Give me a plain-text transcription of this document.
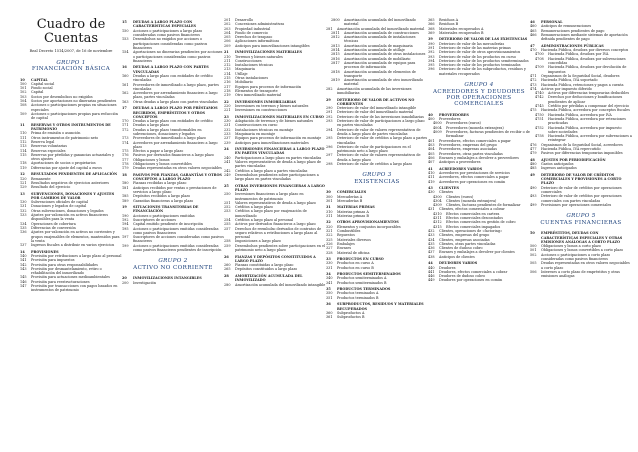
Cuadro de Cuentas

Real Decreto 1514/2007, de 16 de noviembre

GRUPO 1
FINANCIACIÓN BÁSICA
10	CAPITAL
100	Capital social
101	Fondo social
102	Capital
103	Socios por desembolsos no exigidos
104	Socios por aportaciones no dinerarias pendientes
108	Acciones o participaciones propias en situaciones especiales
109	Acciones o participaciones propias para reducción de capital
11	RESERVAS Y OTROS INSTRUMENTOS DE PATRIMONIO
110	Prima de emisión o asunción
111	Otros instrumentos de patrimonio neto
112	Reserva legal
113	Reservas voluntarias
114	Reservas especiales
115	Reservas por pérdidas y ganancias actuariales y otros ajustes
118	Aportaciones de socios o propietarios
119	Diferencias por ajuste del capital a euros
12	RESULTADOS PENDIENTES DE APLICACIÓN
120	Remanente
121	Resultados negativos de ejercicios anteriores
129	Resultado del ejercicio
13	SUBVENCIONES, DONACIONES Y AJUSTES POR CAMBIOS DE VALOR
130	Subvenciones oficiales de capital
131	Donaciones y legados de capital
132	Otras subvenciones, donaciones y legados
133	Ajustes por valoración en activos financieros disponibles para la venta
134	Operaciones de cobertura
135	Diferencias de conversión
136	Ajustes por valoración en activos no corrientes y grupos enajenables de elementos, mantenidos para la venta
137	Ingresos fiscales a distribuir en varios ejercicios
14	PROVISIONES
140	Provisión por retribuciones a largo plazo al personal
141	Provisión para impuestos
142	Provisión para otras responsabilidades
143	Provisión por desmantelamiento, retiro o rehabilitación del inmovilizado
145	Provisión para actuaciones medioambientales
146	Provisión para reestructuraciones
147	Provisión por transacciones con pagos basados en instrumentos de patrimonio
15	DEUDAS A LARGO PLAZO CON CARACTERÍSTICAS ESPECIALES
150	Acciones o participaciones a largo plazo consideradas como pasivos financieros
153	Desembolsos no exigidos por acciones o participaciones consideradas como pasivos financieros
154	Aportaciones no dinerarias pendientes por acciones o participaciones consideradas como pasivos financieros
16	DEUDAS A LARGO PLAZO CON PARTES VINCULADAS
160	Deudas a largo plazo con entidades de crédito vinculadas
161	Proveedores de inmovilizado a largo plazo, partes vinculadas
162	Acreedores por arrendamiento financiero a largo plazo, partes vinculadas
163	Otras deudas a largo plazo con partes vinculadas
17	DEUDAS A LARGO PLAZO POR PRÉSTAMOS RECIBIDOS, EMPRÉSTITOS Y OTROS CONCEPTOS
170	Deudas a largo plazo con entidades de crédito
171	Deudas a largo plazo
172	Deudas a largo plazo transformables en subvenciones, donaciones y legados
173	Proveedores de inmovilizado a largo plazo
174	Acreedores por arrendamiento financiero a largo plazo
175	Efectos a pagar a largo plazo
176	Pasivos por derivados financieros a largo plazo
177	Obligaciones y bonos
178	Obligaciones y bonos convertibles
179	Deudas representadas en otros valores negociables
18	PASIVOS POR FIANZAS, GARANTÍAS Y OTROS CONCEPTOS A LARGO PLAZO
180	Fianzas recibidas a largo plazo
181	Anticipos recibidos por ventas o prestaciones de servicios a largo plazo
185	Depósitos recibidos a largo plazo
189	Garantías financieras a largo plazo
19	SITUACIONES TRANSITORIAS DE FINANCIACIÓN
190	Acciones o participaciones emitidas
192	Suscriptores de acciones
194	Capital emitido pendiente de inscripción
195	Acciones o participaciones emitidas consideradas como pasivos financieros
197	Suscriptores de acciones consideradas como pasivos financieros
199	Acciones o participaciones emitidas consideradas como pasivos financieros pendientes de inscripción
GRUPO 2
ACTIVO NO CORRIENTE
20	INMOVILIZACIONES INTANGIBLES
200	Investigación
201	Desarrollo
202	Concesiones administrativas
203	Propiedad industrial
204	Fondo de comercio
205	Derechos de traspaso
206	Aplicaciones informáticas
209	Anticipos para inmovilizaciones intangibles
21	INMOVILIZACIONES MATERIALES
210	Terrenos y bienes naturales
211	Construcciones
212	Instalaciones técnicas
213	Maquinaria
214	Utillaje
215	Otras instalaciones
216	Mobiliario
217	Equipos para procesos de información
218	Elementos de transporte
219	Otro inmovilizado material
22	INVERSIONES INMOBILIARIAS
220	Inversiones en terrenos y bienes naturales
221	Inversiones en construcciones
23	INMOVILIZACIONES MATERIALES EN CURSO
230	Adaptación de terrenos y de bienes naturales
231	Construcciones en curso
232	Instalaciones técnicas en montaje
233	Maquinaria en montaje
237	Equipos para procesos de información en montaje
239	Anticipos para inmovilizaciones materiales
24	INVERSIONES FINANCIERAS A LARGO PLAZO EN PARTES VINCULADAS
240	Participaciones a largo plazo en partes vinculadas
241	Valores representativos de deuda a largo plazo de partes vinculadas
242	Créditos a largo plazo a partes vinculadas
249	Desembolsos pendientes sobre participaciones a largo plazo en partes vinculadas
25	OTRAS INVERSIONES FINANCIERAS A LARGO PLAZO
250	Inversiones financieras a largo plazo en instrumentos de patrimonio
251	Valores representativos de deuda a largo plazo
252	Créditos a largo plazo
253	Créditos a largo plazo por enajenación de inmovilizado
254	Créditos a largo plazo al personal
255	Activos por derivados financieros a largo plazo
257	Derechos de reembolso derivados de contratos de seguro relativos a retribuciones a largo plazo al personal
258	Imposiciones a largo plazo
259	Desembolsos pendientes sobre participaciones en el patrimonio neto a largo plazo
26	FIANZAS Y DEPÓSITOS CONSTITUIDOS A LARGO PLAZO
260	Fianzas constituidas a largo plazo
265	Depósitos constituidos a largo plazo
28	AMORTIZACIÓN ACUMULADA DEL INMOVILIZADO
280	Amortización acumulada del inmovilizado intangible
2800	Amortización acumulada del inmovilizado material
281	Amortización acumulada del inmovilizado material
2811	Amortización acumulada de construcciones
2812	Amortización acumulada de instalaciones técnicas
2813	Amortización acumulada de maquinaria
2814	Amortización acumulada de utillaje
2815	Amortización acumulada de otras instalaciones
2816	Amortización acumulada de mobiliario
2817	Amortización acumulada de equipos para procesos de información
2818	Amortización acumulada de elementos de transporte
2819	Amortización acumulada de otro inmovilizado material
282	Amortización acumulada de las inversiones inmobiliarias
29	DETERIORO DE VALOR DE ACTIVOS NO CORRIENTES
290	Deterioro de valor del inmovilizado intangible
291	Deterioro de valor del inmovilizado material
292	Deterioro de valor de las inversiones inmobiliarias
293	Deterioro de valor de participaciones a largo plazo en partes vinculadas
294	Deterioro de valor de valores representativos de deuda a largo plazo de partes vinculadas
295	Deterioro de valor de créditos a largo plazo a partes vinculadas
296	Deterioro de valor de participaciones en el patrimonio neto a largo plazo
297	Deterioro de valor de valores representativos de deuda a largo plazo
298	Deterioro de valor de créditos a largo plazo
GRUPO 3
EXISTENCIAS
30	COMERCIALES
300	Mercaderías A
301	Mercaderías B
31	MATERIAS PRIMAS
310	Materias primas A
311	Materias primas B
32	OTROS APROVISIONAMIENTOS
320	Elementos y conjuntos incorporables
321	Combustibles
322	Repuestos
325	Materiales diversos
326	Embalajes
327	Envases
328	Material de oficina
33	PRODUCTOS EN CURSO
330	Productos en curso A
331	Productos en curso B
34	PRODUCTOS SEMITERMINADOS
340	Productos semiterminados A
341	Productos semiterminados B
35	PRODUCTOS TERMINADOS
350	Productos terminados A
351	Productos terminados B
36	SUBPRODUCTOS, RESIDUOS Y MATERIALES RECUPERADOS
360	Subproductos A
361	Subproductos B
365	Residuos A
366	Residuos B
368	Materiales recuperados A
369	Materiales recuperados B
39	DETERIORO DE VALOR DE LAS EXISTENCIAS
390	Deterioro de valor de las mercaderías
391	Deterioro de valor de las materias primas
392	Deterioro de valor de otros aprovisionamientos
393	Deterioro de valor de los productos en curso
394	Deterioro de valor de los productos semiterminados
395	Deterioro de valor de los productos terminados
396	Deterioro de valor de los subproductos, residuos y materiales recuperados
GRUPO 4
ACREEDORES Y DEUDORES POR OPERACIONES COMERCIALES
40	PROVEEDORES
400	Proveedores
4000	Proveedores (euros)
4004	Proveedores (moneda extranjera)
4009	Proveedores, facturas pendientes de recibir o de formalizar
401	Proveedores, efectos comerciales a pagar
403	Proveedores, empresas del grupo
404	Proveedores, empresas asociadas
405	Proveedores, otras partes vinculadas
406	Envases y embalajes a devolver a proveedores
407	Anticipos a proveedores
41	ACREEDORES VARIOS
410	Acreedores por prestaciones de servicios
411	Acreedores, efectos comerciales a pagar
419	Acreedores por operaciones en común
43	CLIENTES
430	Clientes
4300	Clientes (euros)
4304	Clientes (moneda extranjera)
4309	Clientes, facturas pendientes de formalizar
431	Clientes, efectos comerciales a cobrar
4310	Efectos comerciales en cartera
4311	Efectos comerciales descontados
4312	Efectos comerciales en gestión de cobro
4315	Efectos comerciales impagados
432	Clientes, operaciones de «factoring»
433	Clientes, empresas del grupo
434	Clientes, empresas asociadas
435	Clientes, otras partes vinculadas
436	Clientes de dudoso cobro
437	Envases y embalajes a devolver por clientes
438	Anticipos de clientes
44	DEUDORES VARIOS
440	Deudores
441	Deudores, efectos comerciales a cobrar
446	Deudores de dudoso cobro
449	Deudores por operaciones en común
46	PERSONAL
460	Anticipos de remuneraciones
465	Remuneraciones pendientes de pago
466	Remuneraciones mediante sistemas de aportación definida pendientes de pago
47	ADMINISTRACIONES PÚBLICAS
470	Hacienda Pública, deudora por diversos conceptos
4700	Hacienda Pública, deudora por IVA
4708	Hacienda Pública, deudora por subvenciones concedidas
4709	Hacienda Pública, deudora por devolución de impuestos
471	Organismos de la Seguridad Social, deudores
472	Hacienda Pública, IVA soportado
473	Hacienda Pública, retenciones y pagos a cuenta
474	Activos por impuesto diferido
4740	Activos por diferencias temporarias deducibles
4742	Derechos por deducciones y bonificaciones pendientes de aplicar
4745	Crédito por pérdidas a compensar del ejercicio
475	Hacienda Pública, acreedora por conceptos fiscales
4750	Hacienda Pública, acreedora por IVA
4751	Hacienda Pública, acreedora por retenciones practicadas
4752	Hacienda Pública, acreedora por impuesto sobre sociedades
4758	Hacienda Pública, acreedora por subvenciones a reintegrar
476	Organismos de la Seguridad Social, acreedores
477	Hacienda Pública, IVA repercutido
479	Pasivos por diferencias temporarias imponibles
48	AJUSTES POR PERIODIFICACIÓN
480	Gastos anticipados
485	Ingresos anticipados
49	DETERIORO DE VALOR DE CRÉDITOS COMERCIALES Y PROVISIONES A CORTO PLAZO
490	Deterioro de valor de créditos por operaciones comerciales
493	Deterioro de valor de créditos por operaciones comerciales con partes vinculadas
499	Provisiones por operaciones comerciales
GRUPO 5
CUENTAS FINANCIERAS
50	EMPRÉSTITOS, DEUDAS CON CARACTERÍSTICAS ESPECIALES Y OTRAS EMISIONES ANÁLOGAS A CORTO PLAZO
500	Obligaciones y bonos a corto plazo
501	Obligaciones y bonos convertibles a corto plazo
502	Acciones o participaciones a corto plazo consideradas como pasivos financieros
505	Deudas representadas en otros valores negociables a corto plazo
506	Intereses a corto plazo de empréstitos y otras emisiones análogas
